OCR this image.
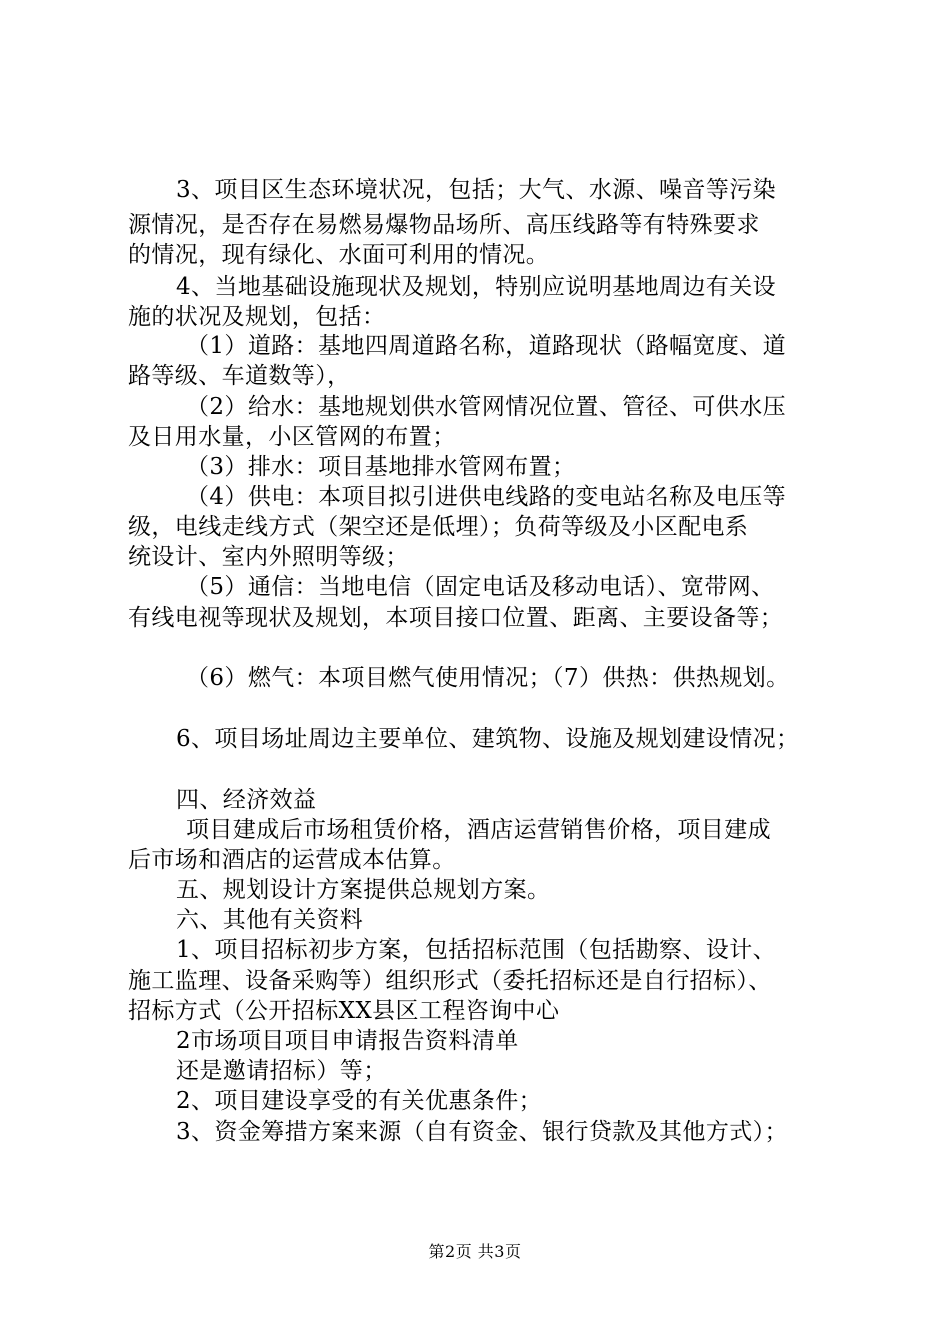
3、项目区生态环境状况，包括；大气、水源、噪音等污染
源情况，是否存在易燃易爆物品场所、高压线路等有特殊要求
的情况，现有绿化、水面可利用的情况。
4、当地基础设施现状及规划，特别应说明基地周边有关设
施的状况及规划，包括：
（1）道路：基地四周道路名称，道路现状（路幅宽度、道
路等级、车道数等），
（2）给水：基地规划供水管网情况位置、管径、可供水压
及日用水量，小区管网的布置；
（3）排水：项目基地排水管网布置；
（4）供电：本项目拟引进供电线路的变电站名称及电压等
级，电线走线方式（架空还是低埋）；负荷等级及小区配电系
统设计、室内外照明等级；
（5）通信：当地电信（固定电话及移动电话）、宽带网、
有线电视等现状及规划，本项目接口位置、距离、主要设备等；
（6）燃气：本项目燃气使用情况；（7）供热：供热规划。
6、项目场址周边主要单位、建筑物、设施及规划建设情况；
四、经济效益
项目建成后市场租赁价格，酒店运营销售价格，项目建成
后市场和酒店的运营成本估算。
五、规划设计方案提供总规划方案。
六、其他有关资料
1、项目招标初步方案，包括招标范围（包括勘察、设计、
施工监理、设备采购等）组织形式（委托招标还是自行招标）、
招标方式（公开招标XX县区工程咨询中心
2市场项目项目申请报告资料清单
还是邀请招标）等；
2、项目建设享受的有关优惠条件；
3、资金筹措方案来源（自有资金、银行贷款及其他方式）；
第2页 共3页
